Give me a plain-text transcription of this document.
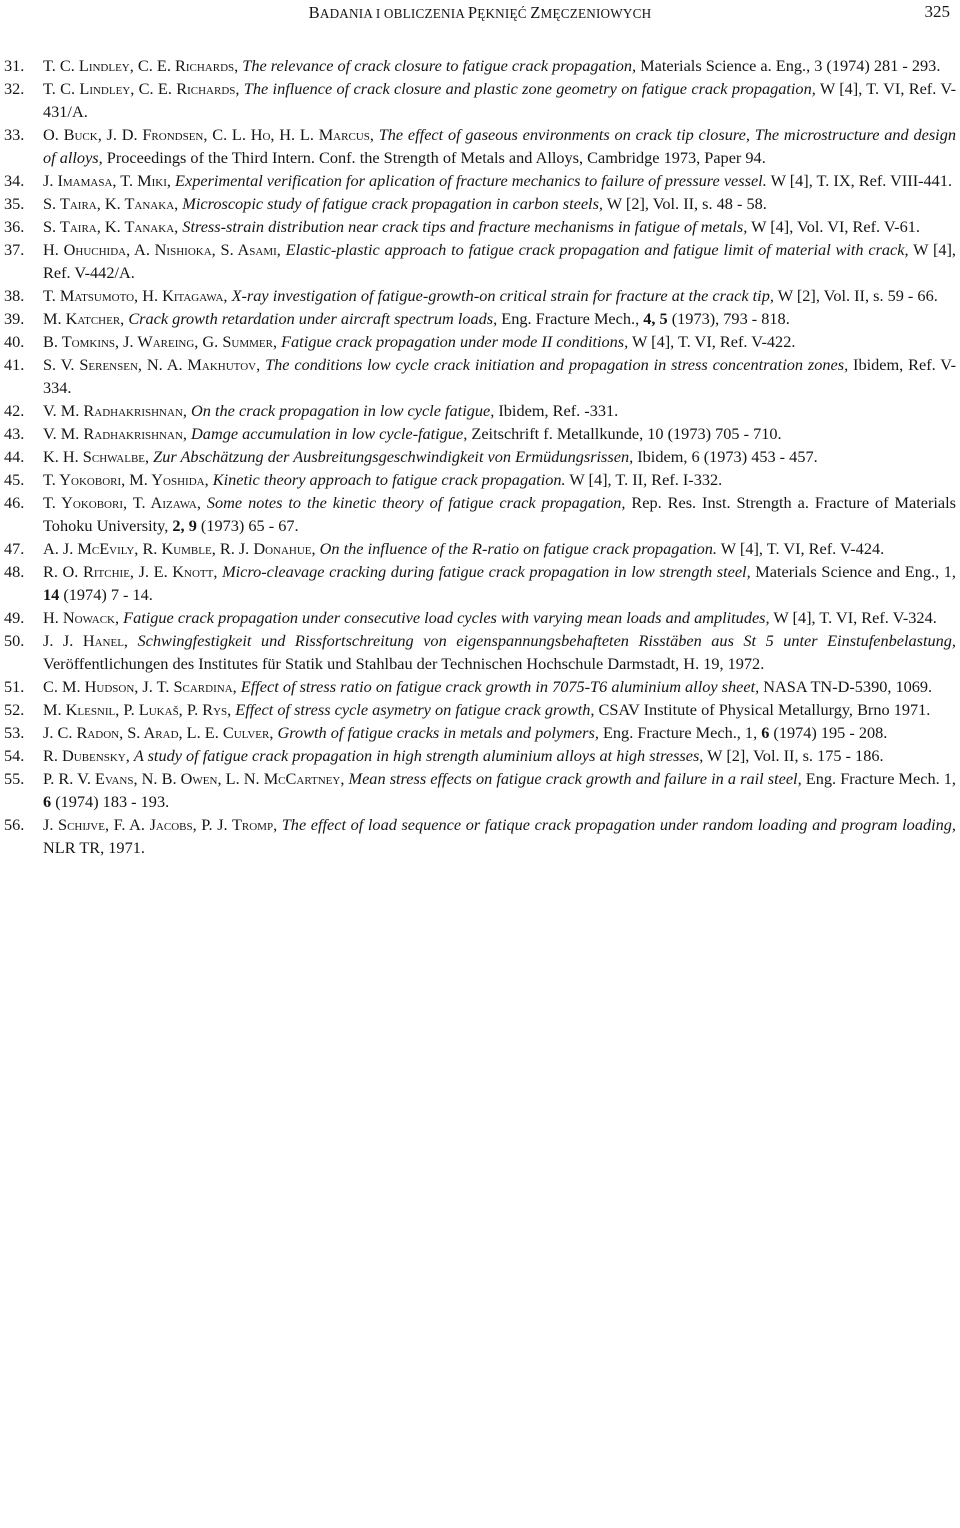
BADANIA I OBLICZENIA PĘKNIĘĆ ZMĘCZENIOWYCH	325
31. T. C. Lindley, C. E. Richards, The relevance of crack closure to fatigue crack propagation, Materials Science a. Eng., 3 (1974) 281 - 293.
32. T. C. Lindley, C. E. Richards, The influence of crack closure and plastic zone geometry on fatigue crack propagation, W [4], T. VI, Ref. V-431/A.
33. O. Buck, J. D. Frondsen, C. L. Ho, H. L. Marcus, The effect of gaseous environments on crack tip closure, The microstructure and design of alloys, Proceedings of the Third Intern. Conf. the Strength of Metals and Alloys, Cambridge 1973, Paper 94.
34. J. Imamasa, T. Miki, Experimental verification for aplication of fracture mechanics to failure of pressure vessel. W [4], T. IX, Ref. VIII-441.
35. S. Taira, K. Tanaka, Microscopic study of fatigue crack propagation in carbon steels, W [2], Vol. II, s. 48 - 58.
36. S. Taira, K. Tanaka, Stress-strain distribution near crack tips and fracture mechanisms in fatigue of metals, W [4], Vol. VI, Ref. V-61.
37. H. Ohuchida, A. Nishioka, S. Asami, Elastic-plastic approach to fatigue crack propagation and fatigue limit of material with crack, W [4], Ref. V-442/A.
38. T. Matsumoto, H. Kitagawa, X-ray investigation of fatigue-growth-on critical strain for fracture at the crack tip, W [2], Vol. II, s. 59 - 66.
39. M. Katcher, Crack growth retardation under aircraft spectrum loads, Eng. Fracture Mech., 4, 5 (1973), 793 - 818.
40. B. Tomkins, J. Wareing, G. Summer, Fatigue crack propagation under mode II conditions, W [4], T. VI, Ref. V-422.
41. S. V. Serensen, N. A. Makhutov, The conditions low cycle crack initiation and propagation in stress concentration zones, Ibidem, Ref. V-334.
42. V. M. Radhakrishnan, On the crack propagation in low cycle fatigue, Ibidem, Ref. -331.
43. V. M. Radhakrishnan, Damge accumulation in low cycle-fatigue, Zeitschrift f. Metallkunde, 10 (1973) 705 - 710.
44. K. H. Schwalbe, Zur Abschätzung der Ausbreitungsgeschwindigkeit von Ermüdungsrissen, Ibidem, 6 (1973) 453 - 457.
45. T. Yokobori, M. Yoshida, Kinetic theory approach to fatigue crack propagation. W [4], T. II, Ref. I-332.
46. T. Yokobori, T. Aizawa, Some notes to the kinetic theory of fatigue crack propagation, Rep. Res. Inst. Strength a. Fracture of Materials Tohoku University, 2, 9 (1973) 65 - 67.
47. A. J. McEvily, R. Kumble, R. J. Donahue, On the influence of the R-ratio on fatigue crack propagation. W [4], T. VI, Ref. V-424.
48. R. O. Ritchie, J. E. Knott, Micro-cleavage cracking during fatigue crack propagation in low strength steel, Materials Science and Eng., 1, 14 (1974) 7 - 14.
49. H. Nowack, Fatigue crack propagation under consecutive load cycles with varying mean loads and amplitudes, W [4], T. VI, Ref. V-324.
50. J. J. Hanel, Schwingfestigkeit und Rissfortschreitung von eigenspannungsbehafteten Risstäben aus St 5 unter Einstufenbelastung, Veröffentlichungen des Institutes für Statik und Stahlbau der Technischen Hochschule Darmstadt, H. 19, 1972.
51. C. M. Hudson, J. T. Scardina, Effect of stress ratio on fatigue crack growth in 7075-T6 aluminium alloy sheet, NASA TN-D-5390, 1069.
52. M. Klesnil, P. Lukaš, P. Rys, Effect of stress cycle asymetry on fatigue crack growth, CSAV Institute of Physical Metallurgy, Brno 1971.
53. J. C. Radon, S. Arad, L. E. Culver, Growth of fatigue cracks in metals and polymers, Eng. Fracture Mech., 1, 6 (1974) 195 - 208.
54. R. Dubensky, A study of fatigue crack propagation in high strength aluminium alloys at high stresses, W [2], Vol. II, s. 175 - 186.
55. P. R. V. Evans, N. B. Owen, L. N. McCartney, Mean stress effects on fatigue crack growth and failure in a rail steel, Eng. Fracture Mech. 1, 6 (1974) 183 - 193.
56. J. Schijve, F. A. Jacobs, P. J. Tromp, The effect of load sequence or fatique crack propagation under random loading and program loading, NLR TR, 1971.
